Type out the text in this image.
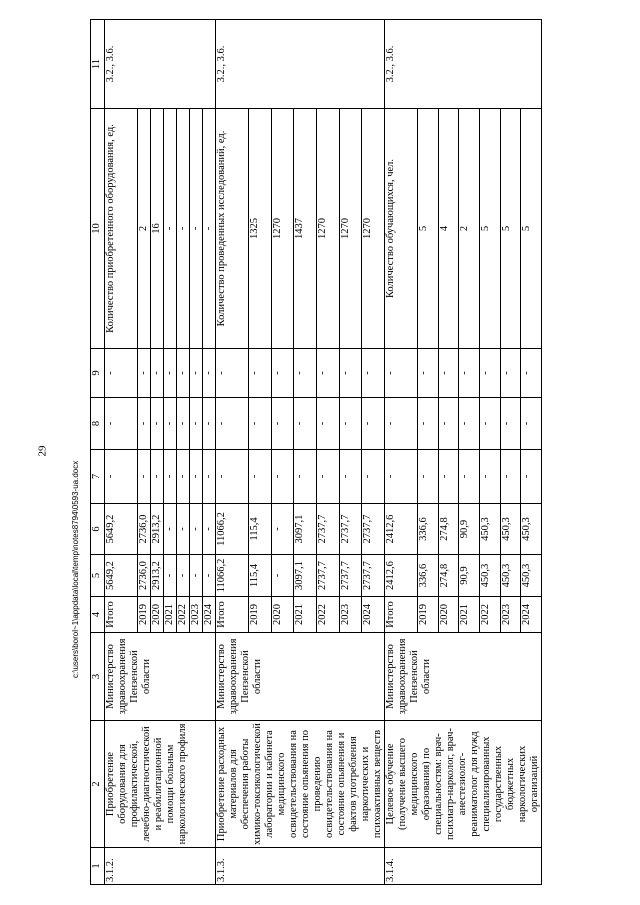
29
1	2	3	4	5	6	7	8	9	10	11
3.1.2.	Приобретение оборудования для профилактической, лечебно-диагностической и реабилитационной помощи больным наркологического профиля	Министерство здравоохранения Пензенской области	Итого	5649,2	5649,2	-	-	-	Количество приобретенного оборудования, ед.	3.2., 3.6.
			2019	2736,0	2736,0	-	-	-	2	
			2020	2913,2	2913,2	-	-	-	16	
			2021	-	-	-	-	-	-	
			2022	-	-	-	-	-	-	
			2023	-	-	-	-	-	-	
			2024	-	-	-	-	-	-	
3.1.3.	Приобретение расходных материалов для обеспечения работы химико-токсикологической лаборатории и кабинета медицинского освидетельствования на состояние опьянения по проведению освидетельствования на состояние опьянения и фактов употребления наркотических и психоактивных веществ	Министерство здравоохранения Пензенской области	Итого	11066,2	11066,2	-	-	-	Количество проведенных исследований, ед.	3.2., 3.6.
			2019	115,4	115,4	-	-	-	1325	
			2020	-	-	-	-	-	1270	
			2021	3097,1	3097,1	-	-	-	1437	
			2022	2737,7	2737,7	-	-	-	1270	
			2023	2737,7	2737,7	-	-	-	1270	
			2024	2737,7	2737,7	-	-	-	1270	
3.1.4.	Целевое обучение (получение высшего медицинского образования) по специальностям: врач-психиатр-нарколог, врач-анестезиолог-реаниматолог для нужд специализированных государственных бюджетных наркологических организаций	Министерство здравоохранения Пензенской области	Итого	2412,6	2412,6	-	-	-	Количество обучающихся, чел.	3.2., 3.6.
			2019	336,6	336,6	-	-	-	5	
			2020	274,8	274,8	-	-	-	4	
			2021	90,9	90,9	-	-	-	2	
			2022	450,3	450,3	-	-	-	5	
			2023	450,3	450,3	-	-	-	5	
			2024	450,3	450,3	-	-	-	5	
c:\users\borol~1\appdata\local\temp\notes8794\0593-ua.docx
